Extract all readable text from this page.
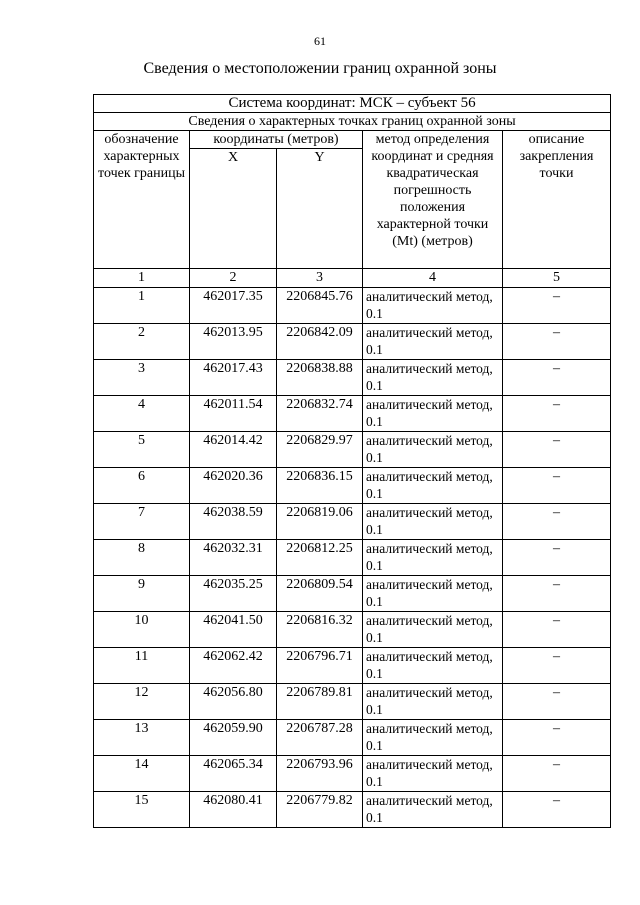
61
Сведения о местоположении границ охранной зоны
Система координат: МСК – субъект 56				
Сведения о характерных точках границ охранной зоны				
обозначение характерных точек границы	координаты (метров)		метод определения координат и средняя квадратическая погрешность положения характерной точки (Mt) (метров)	описание закрепления точки
	X	Y		
1	2	3	4	5
1	462017.35	2206845.76	аналитический метод, 0.1	–
2	462013.95	2206842.09	аналитический метод, 0.1	–
3	462017.43	2206838.88	аналитический метод, 0.1	–
4	462011.54	2206832.74	аналитический метод, 0.1	–
5	462014.42	2206829.97	аналитический метод, 0.1	–
6	462020.36	2206836.15	аналитический метод, 0.1	–
7	462038.59	2206819.06	аналитический метод, 0.1	–
8	462032.31	2206812.25	аналитический метод, 0.1	–
9	462035.25	2206809.54	аналитический метод, 0.1	–
10	462041.50	2206816.32	аналитический метод, 0.1	–
11	462062.42	2206796.71	аналитический метод, 0.1	–
12	462056.80	2206789.81	аналитический метод, 0.1	–
13	462059.90	2206787.28	аналитический метод, 0.1	–
14	462065.34	2206793.96	аналитический метод, 0.1	–
15	462080.41	2206779.82	аналитический метод, 0.1	–
